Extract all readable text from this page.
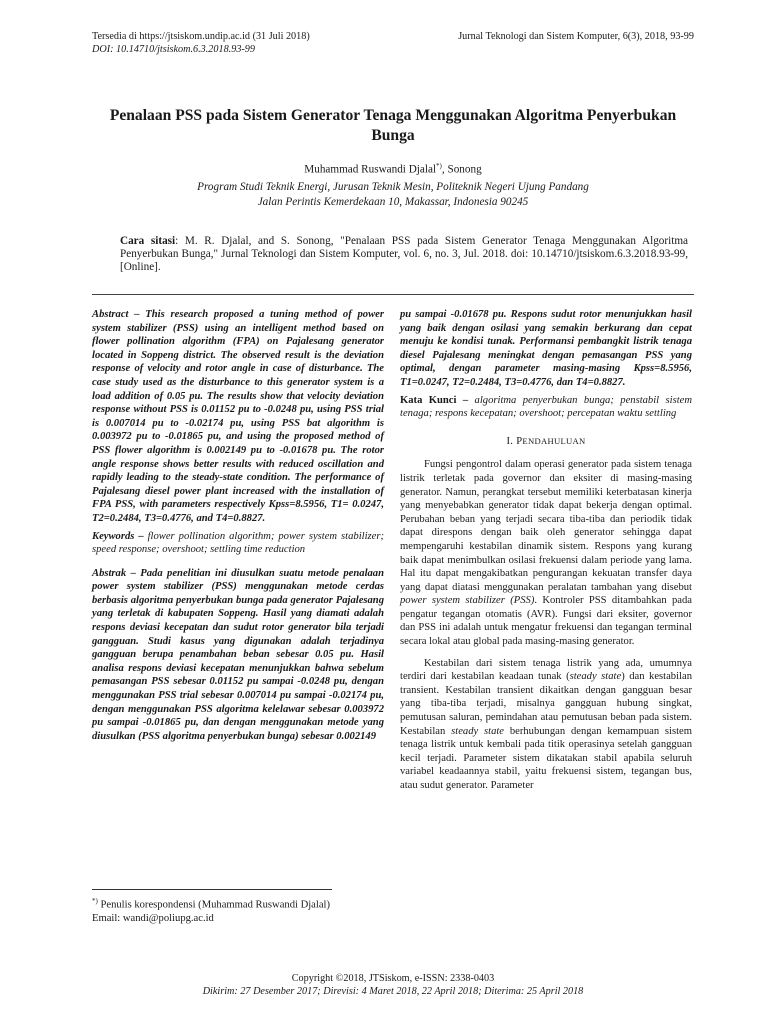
Tersedia di https://jtsiskom.undip.ac.id (31 Juli 2018)
DOI: 10.14710/jtsiskom.6.3.2018.93-99
Jurnal Teknologi dan Sistem Komputer, 6(3), 2018, 93-99
Penalaan PSS pada Sistem Generator Tenaga Menggunakan Algoritma Penyerbukan Bunga
Muhammad Ruswandi Djalal*), Sonong
Program Studi Teknik Energi, Jurusan Teknik Mesin, Politeknik Negeri Ujung Pandang
Jalan Perintis Kemerdekaan 10, Makassar, Indonesia 90245
Cara sitasi: M. R. Djalal, and S. Sonong, "Penalaan PSS pada Sistem Generator Tenaga Menggunakan Algoritma Penyerbukan Bunga," Jurnal Teknologi dan Sistem Komputer, vol. 6, no. 3, Jul. 2018. doi: 10.14710/jtsiskom.6.3.2018.93-99, [Online].
Abstract – This research proposed a tuning method of power system stabilizer (PSS) using an intelligent method based on flower pollination algorithm (FPA) on Pajalesang generator located in Soppeng district. The observed result is the deviation response of velocity and rotor angle in case of disturbance. The case study used as the disturbance to this generator system is a load addition of 0.05 pu. The results show that velocity deviation response without PSS is 0.01152 pu to -0.0248 pu, using PSS trial is 0.007014 pu to -0.02174 pu, using PSS bat algorithm is 0.003972 pu to -0.01865 pu, and using the proposed method of PSS flower algorithm is 0.002149 pu to -0.01678 pu. The rotor angle response shows better results with reduced oscillation and rapidly leading to the steady-state condition. The performance of Pajalesang diesel power plant increased with the installation of FPA PSS, with parameters respectively Kpss=8.5956, T1= 0.0247, T2=0.2484, T3=0.4776, and T4=0.8827.
Keywords – flower pollination algorithm; power system stabilizer; speed response; overshoot; settling time reduction
Abstrak – Pada penelitian ini diusulkan suatu metode penalaan power system stabilizer (PSS) menggunakan metode cerdas berbasis algoritma penyerbukan bunga pada generator Pajalesang yang terletak di kabupaten Soppeng. Hasil yang diamati adalah respons deviasi kecepatan dan sudut rotor generator bila terjadi gangguan. Studi kasus yang digunakan adalah terjadinya gangguan berupa penambahan beban sebesar 0.05 pu. Hasil analisa respons deviasi kecepatan menunjukkan bahwa sebelum pemasangan PSS sebesar 0.01152 pu sampai -0.0248 pu, dengan menggunakan PSS trial sebesar 0.007014 pu sampai -0.02174 pu, dengan menggunakan PSS algoritma kelelawar sebesar 0.003972 pu sampai -0.01865 pu, dan dengan menggunakan metode yang diusulkan (PSS algoritma penyerbukan bunga) sebesar 0.002149
pu sampai -0.01678 pu. Respons sudut rotor menunjukkan hasil yang baik dengan osilasi yang semakin berkurang dan cepat menuju ke kondisi tunak. Performansi pembangkit listrik tenaga diesel Pajalesang meningkat dengan pemasangan PSS yang optimal, dengan parameter masing-masing Kpss=8.5956, T1=0.0247, T2=0.2484, T3=0.4776, dan T4=0.8827.
Kata Kunci – algoritma penyerbukan bunga; penstabil sistem tenaga; respons kecepatan; overshoot; percepatan waktu settling
I. PENDAHULUAN
Fungsi pengontrol dalam operasi generator pada sistem tenaga listrik terletak pada governor dan eksiter di masing-masing generator. Namun, perangkat tersebut memiliki keterbatasan kinerja yang menyebabkan generator tidak dapat bekerja dengan optimal. Perubahan beban yang terjadi secara tiba-tiba dan periodik tidak dapat direspons dengan baik oleh generator sehingga dapat mempengaruhi kestabilan dinamik sistem. Respons yang kurang baik dapat menimbulkan osilasi frekuensi dalam periode yang lama. Hal itu dapat mengakibatkan pengurangan kekuatan transfer daya yang dapat diatasi menggunakan peralatan tambahan yang disebut power system stabilizer (PSS). Kontroler PSS ditambahkan pada pengatur tegangan otomatis (AVR). Fungsi dari eksiter, governor dan PSS ini adalah untuk mengatur frekuensi dan tegangan terminal secara lokal atau global pada masing-masing generator.
Kestabilan dari sistem tenaga listrik yang ada, umumnya terdiri dari kestabilan keadaan tunak (steady state) dan kestabilan transient. Kestabilan transient dikaitkan dengan gangguan besar yang tiba-tiba terjadi, misalnya gangguan hubung singkat, pemutusan saluran, pemindahan atau pemutusan beban pada sistem. Kestabilan steady state berhubungan dengan kemampuan sistem tenaga listrik untuk kembali pada titik operasinya setelah gangguan kecil terjadi. Parameter sistem dikatakan stabil apabila seluruh variabel keadaannya stabil, yaitu frekuensi sistem, tegangan bus, atau sudut generator. Parameter
*) Penulis korespondensi (Muhammad Ruswandi Djalal)
Email: wandi@poliupg.ac.id
Copyright ©2018, JTSiskom, e-ISSN: 2338-0403
Dikirim: 27 Desember 2017; Direvisi: 4 Maret 2018, 22 April 2018; Diterima: 25 April 2018
